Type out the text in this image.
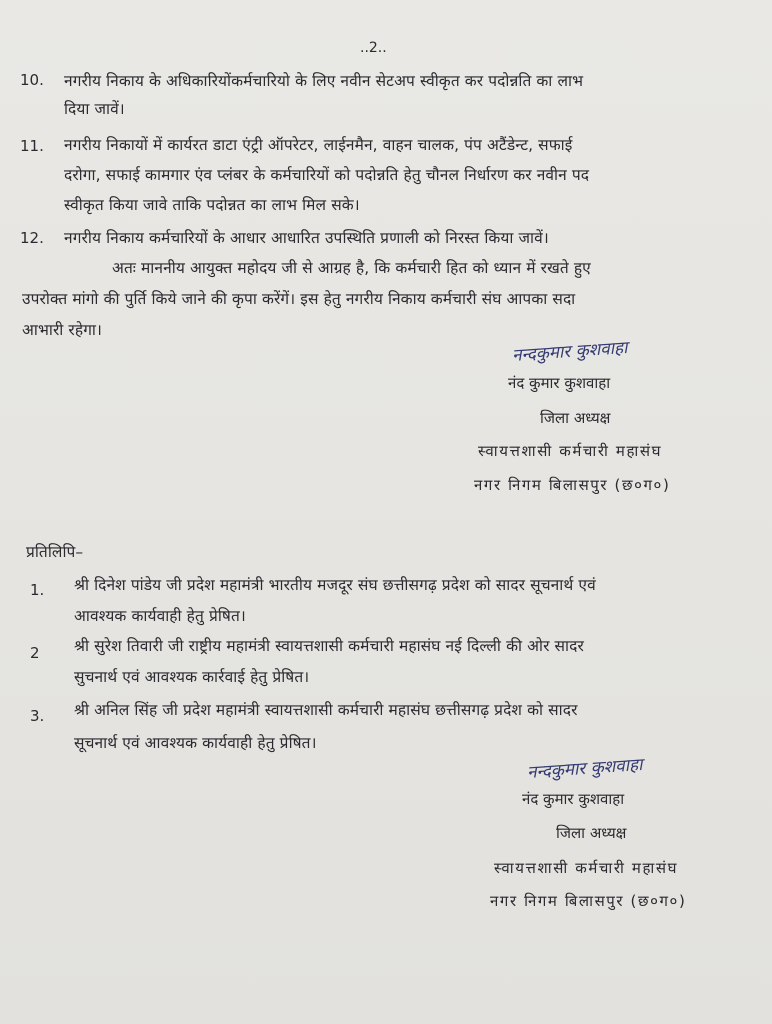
..2..
10. नगरीय निकाय के अधिकारियोंकर्मचारियो के लिए नवीन सेटअप स्वीकृत कर पदोन्नति का लाभ
दिया जावें।
11. नगरीय निकायों में कार्यरत डाटा एंट्री ऑपरेटर, लाईनमैन, वाहन चालक, पंप अटैंडेन्ट, सफाई
दरोगा, सफाई कामगार एंव प्लंबर के कर्मचारियों को पदोन्नति हेतु चौनल निर्धारण कर नवीन पद
स्वीकृत किया जावे ताकि पदोन्नत का लाभ मिल सके।
12. नगरीय निकाय कर्मचारियों के आधार आधारित उपस्थिति प्रणाली को निरस्त किया जावें।
अतः माननीय आयुक्त महोदय जी से आग्रह है, कि कर्मचारी हित को ध्यान में रखते हुए
उपरोक्त मांगो की पुर्ति किये जाने की कृपा करेंगें। इस हेतु नगरीय निकाय कर्मचारी संघ आपका सदा
आभारी रहेगा।
नन्दकुमार कुशवाहा
नंद कुमार कुशवाहा
जिला अध्यक्ष
स्वायत्तशासी कर्मचारी महासंघ
नगर निगम बिलासपुर (छ०ग०)
प्रतिलिपि–
1. श्री दिनेश पांडेय जी प्रदेश महामंत्री भारतीय मजदूर संघ छत्तीसगढ़ प्रदेश को सादर सूचनार्थ एवं
आवश्यक कार्यवाही हेतु प्रेषित।
2 श्री सुरेश तिवारी जी राष्ट्रीय महामंत्री स्वायत्तशासी कर्मचारी महासंघ नई दिल्ली की ओर सादर
सुचनार्थ एवं आवश्यक कार्रवाई हेतु प्रेषित।
3. श्री अनिल सिंह जी प्रदेश महामंत्री स्वायत्तशासी कर्मचारी महासंघ छत्तीसगढ़ प्रदेश को सादर
सूचनार्थ एवं आवश्यक कार्यवाही हेतु प्रेषित।
नन्दकुमार कुशवाहा
नंद कुमार कुशवाहा
जिला अध्यक्ष
स्वायत्तशासी कर्मचारी महासंघ
नगर निगम बिलासपुर (छ०ग०)
